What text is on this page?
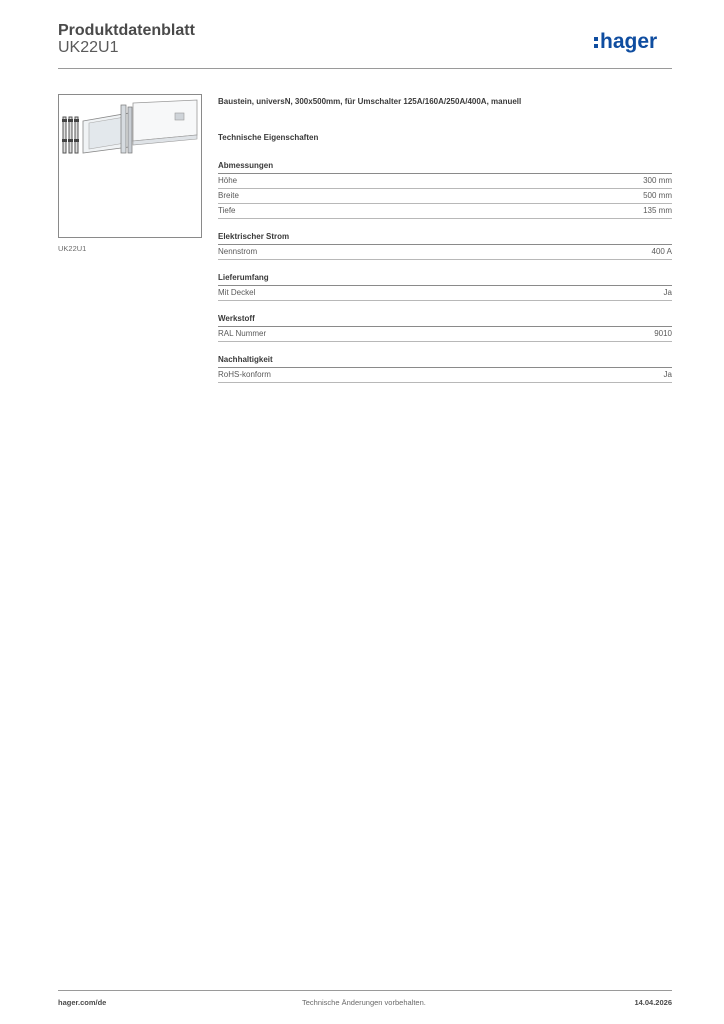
Produktdatenblatt
UK22U1	hager
UK22U1
Baustein, universN, 300x500mm, für Umschalter 125A/160A/250A/400A, manuell
Technische Eigenschaften
Abmessungen
Höhe	300 mm
Breite	500 mm
Tiefe	135 mm
Elektrischer Strom
Nennstrom	400 A
Lieferumfang
Mit Deckel	Ja
Werkstoff
RAL Nummer	9010
Nachhaltigkeit
RoHS-konform	Ja
hager.com/de	Technische Änderungen vorbehalten.	14.04.2026
